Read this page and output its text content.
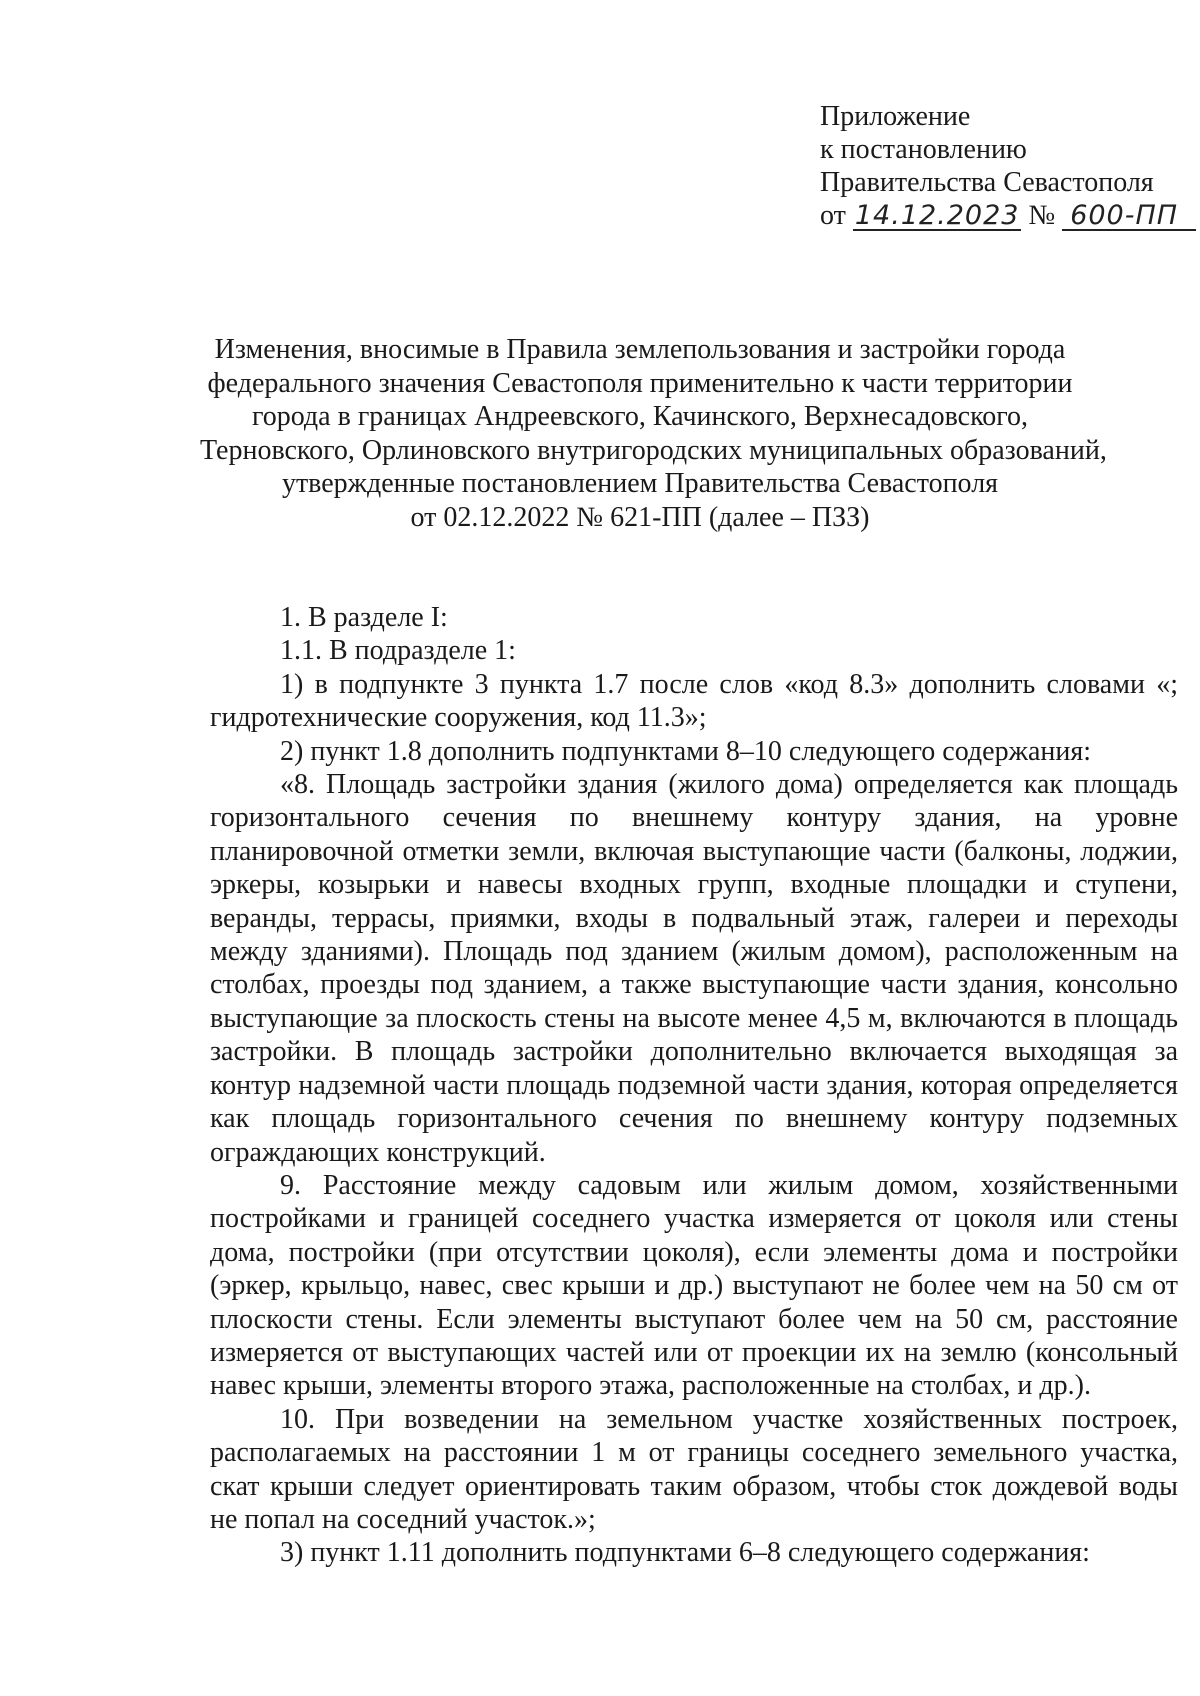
Приложение
к постановлению
Правительства Севастополя
от 14.12.2023 № 600-ПП
Изменения, вносимые в Правила землепользования и застройки города
федерального значения Севастополя применительно к части территории
города в границах Андреевского, Качинского, Верхнесадовского,
Терновского, Орлиновского внутригородских муниципальных образований,
утвержденные постановлением Правительства Севастополя
от 02.12.2022 № 621-ПП (далее – ПЗЗ)

1. В разделе I:

1.1. В подразделе 1:

1) в подпункте 3 пункта 1.7 после слов «код 8.3» дополнить словами «; гидротехнические сооружения, код 11.3»;

2) пункт 1.8 дополнить подпунктами 8–10 следующего содержания:

«8. Площадь застройки здания (жилого дома) определяется как площадь горизонтального сечения по внешнему контуру здания, на уровне планировочной отметки земли, включая выступающие части (балконы, лоджии, эркеры, козырьки и навесы входных групп, входные площадки и ступени, веранды, террасы, приямки, входы в подвальный этаж, галереи и переходы между зданиями). Площадь под зданием (жилым домом), расположенным на столбах, проезды под зданием, а также выступающие части здания, консольно выступающие за плоскость стены на высоте менее 4,5 м, включаются в площадь застройки. В площадь застройки дополнительно включается выходящая за контур надземной части площадь подземной части здания, которая определяется как площадь горизонтального сечения по внешнему контуру подземных ограждающих конструкций.

9. Расстояние между садовым или жилым домом, хозяйственными постройками и границей соседнего участка измеряется от цоколя или стены дома, постройки (при отсутствии цоколя), если элементы дома и постройки (эркер, крыльцо, навес, свес крыши и др.) выступают не более чем на 50 см от плоскости стены. Если элементы выступают более чем на 50 см, расстояние измеряется от выступающих частей или от проекции их на землю (консольный навес крыши, элементы второго этажа, расположенные на столбах, и др.).

10. При возведении на земельном участке хозяйственных построек, располагаемых на расстоянии 1 м от границы соседнего земельного участка, скат крыши следует ориентировать таким образом, чтобы сток дождевой воды не попал на соседний участок.»;

3) пункт 1.11 дополнить подпунктами 6–8 следующего содержания:
